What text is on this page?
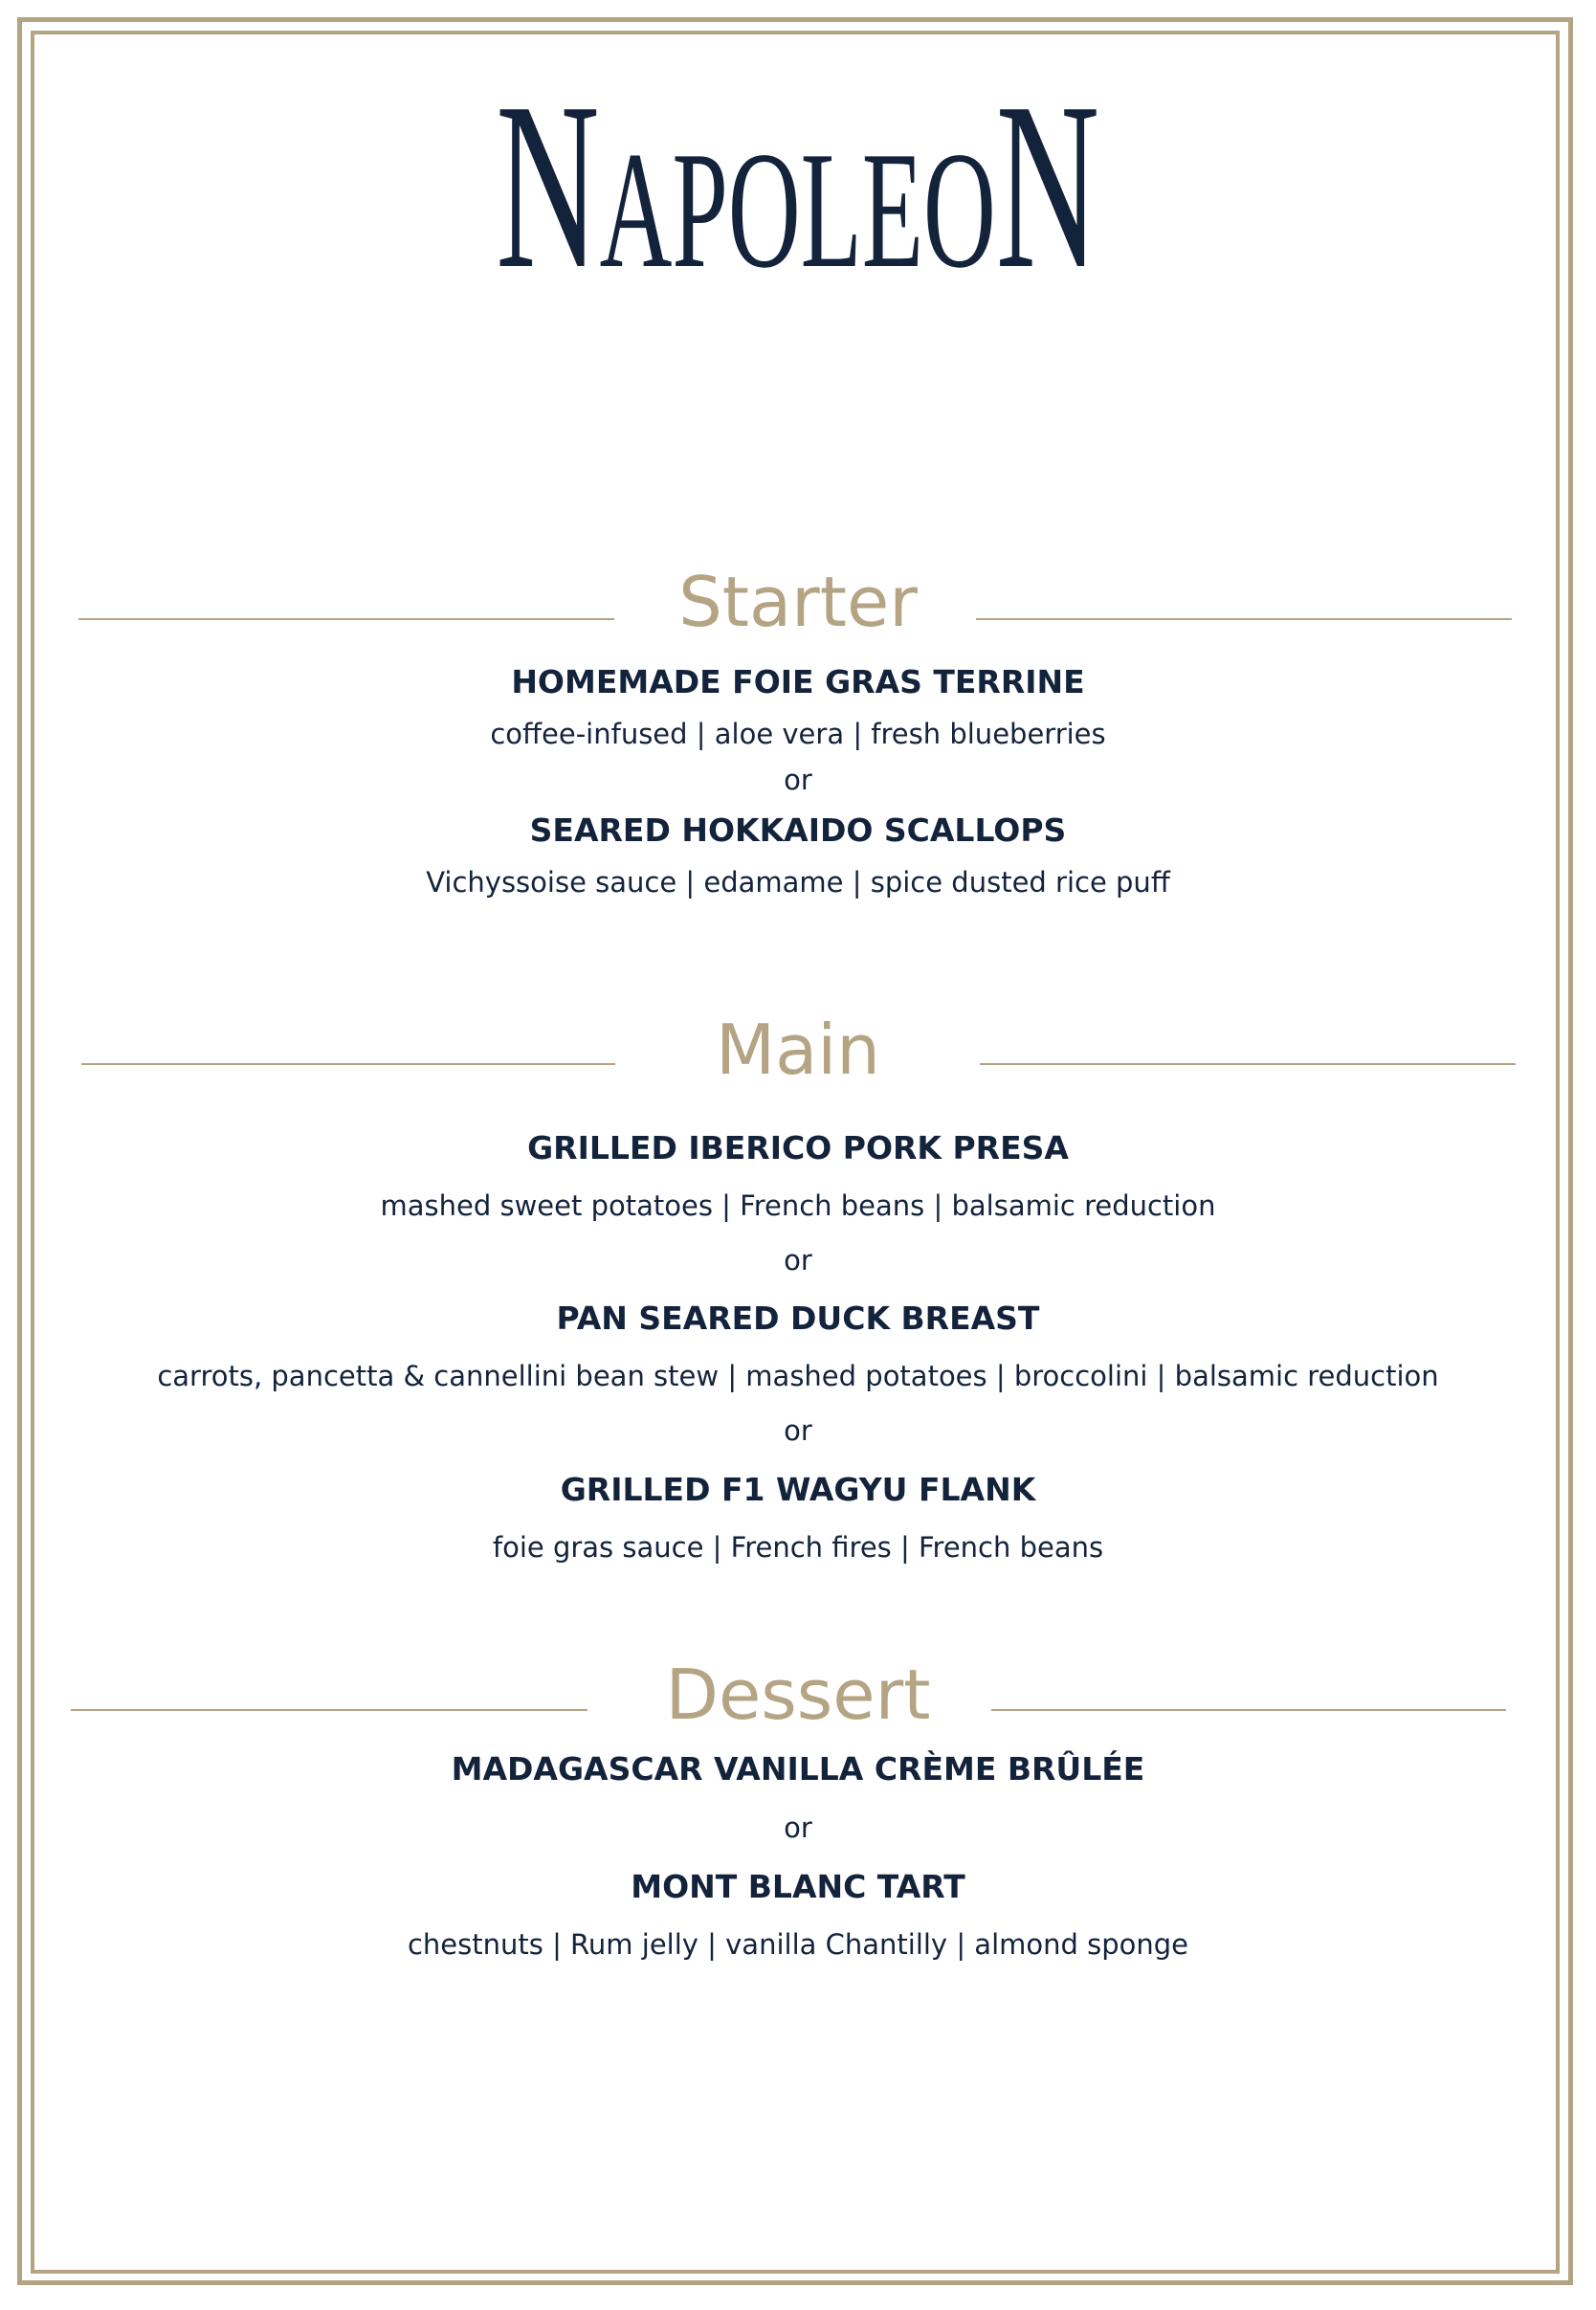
NAPOLEON
Starter
HOMEMADE FOIE GRAS TERRINE
coffee-infused | aloe vera | fresh blueberries
or
SEARED HOKKAIDO SCALLOPS
Vichyssoise sauce | edamame | spice dusted rice puff
Main
GRILLED IBERICO PORK PRESA
mashed sweet potatoes | French beans | balsamic reduction
or
PAN SEARED DUCK BREAST
carrots, pancetta & cannellini bean stew | mashed potatoes | broccolini | balsamic reduction
or
GRILLED F1 WAGYU FLANK
foie gras sauce | French fires | French beans
Dessert
MADAGASCAR VANILLA CRÈME BRÛLÉE
or
MONT BLANC TART
chestnuts | Rum jelly | vanilla Chantilly | almond sponge
